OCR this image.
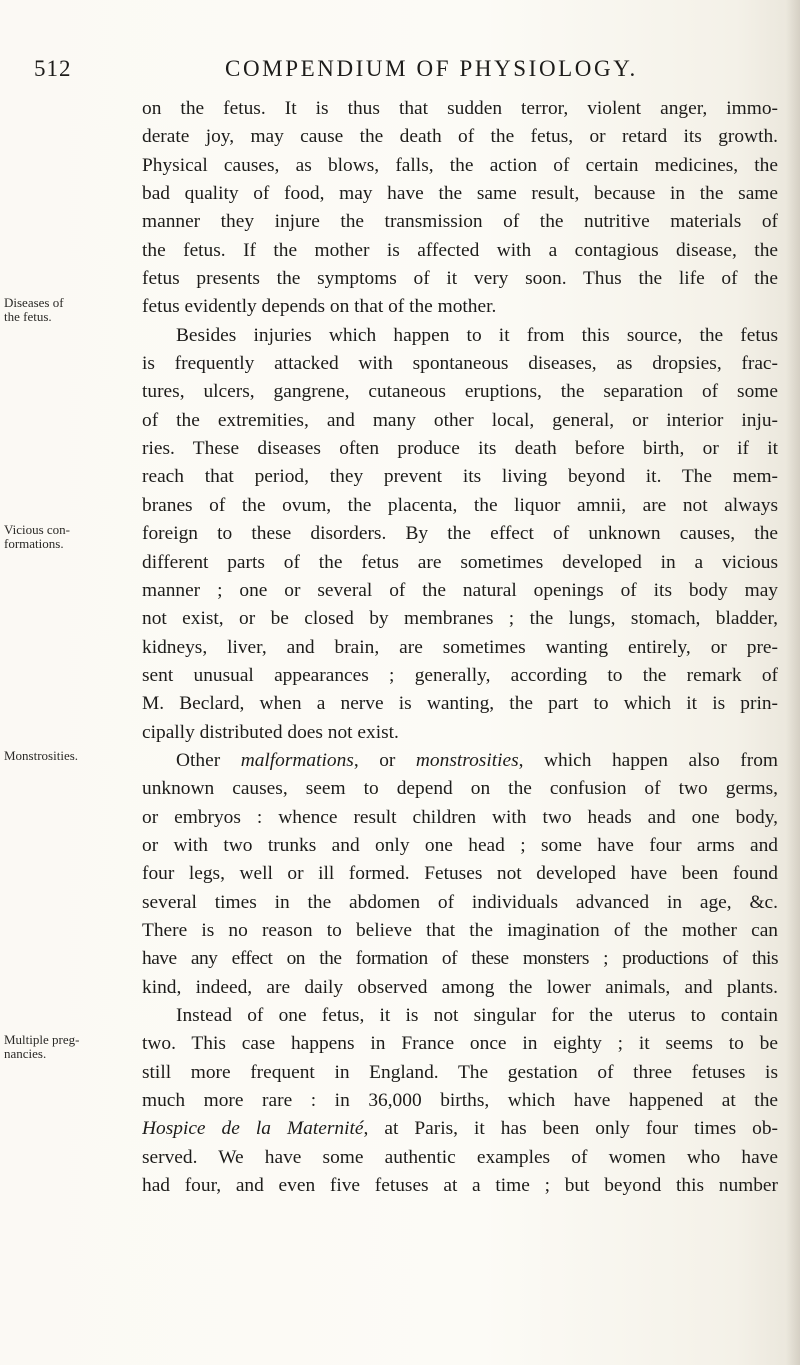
512	COMPENDIUM OF PHYSIOLOGY.
Diseases of
the fetus.
Vicious con-
formations.
Monstrosities.
Multiple preg-
nancies.
on the fetus. It is thus that sudden terror, violent anger, immo-
derate joy, may cause the death of the fetus, or retard its growth.
Physical causes, as blows, falls, the action of certain medicines, the
bad quality of food, may have the same result, because in the same
manner they injure the transmission of the nutritive materials of
the fetus. If the mother is affected with a contagious disease, the
fetus presents the symptoms of it very soon. Thus the life of the
fetus evidently depends on that of the mother.
Besides injuries which happen to it from this source, the fetus
is frequently attacked with spontaneous diseases, as dropsies, frac-
tures, ulcers, gangrene, cutaneous eruptions, the separation of some
of the extremities, and many other local, general, or interior inju-
ries. These diseases often produce its death before birth, or if it
reach that period, they prevent its living beyond it. The mem-
branes of the ovum, the placenta, the liquor amnii, are not always
foreign to these disorders. By the effect of unknown causes, the
different parts of the fetus are sometimes developed in a vicious
manner ; one or several of the natural openings of its body may
not exist, or be closed by membranes ; the lungs, stomach, bladder,
kidneys, liver, and brain, are sometimes wanting entirely, or pre-
sent unusual appearances ; generally, according to the remark of
M. Beclard, when a nerve is wanting, the part to which it is prin-
cipally distributed does not exist.
Other malformations, or monstrosities, which happen also from
unknown causes, seem to depend on the confusion of two germs,
or embryos : whence result children with two heads and one body,
or with two trunks and only one head ; some have four arms and
four legs, well or ill formed. Fetuses not developed have been found
several times in the abdomen of individuals advanced in age, &c.
There is no reason to believe that the imagination of the mother can
have any effect on the formation of these monsters ; productions of this
kind, indeed, are daily observed among the lower animals, and plants.
Instead of one fetus, it is not singular for the uterus to contain
two. This case happens in France once in eighty ; it seems to be
still more frequent in England. The gestation of three fetuses is
much more rare : in 36,000 births, which have happened at the
Hospice de la Maternité, at Paris, it has been only four times ob-
served. We have some authentic examples of women who have
had four, and even five fetuses at a time ; but beyond this number
